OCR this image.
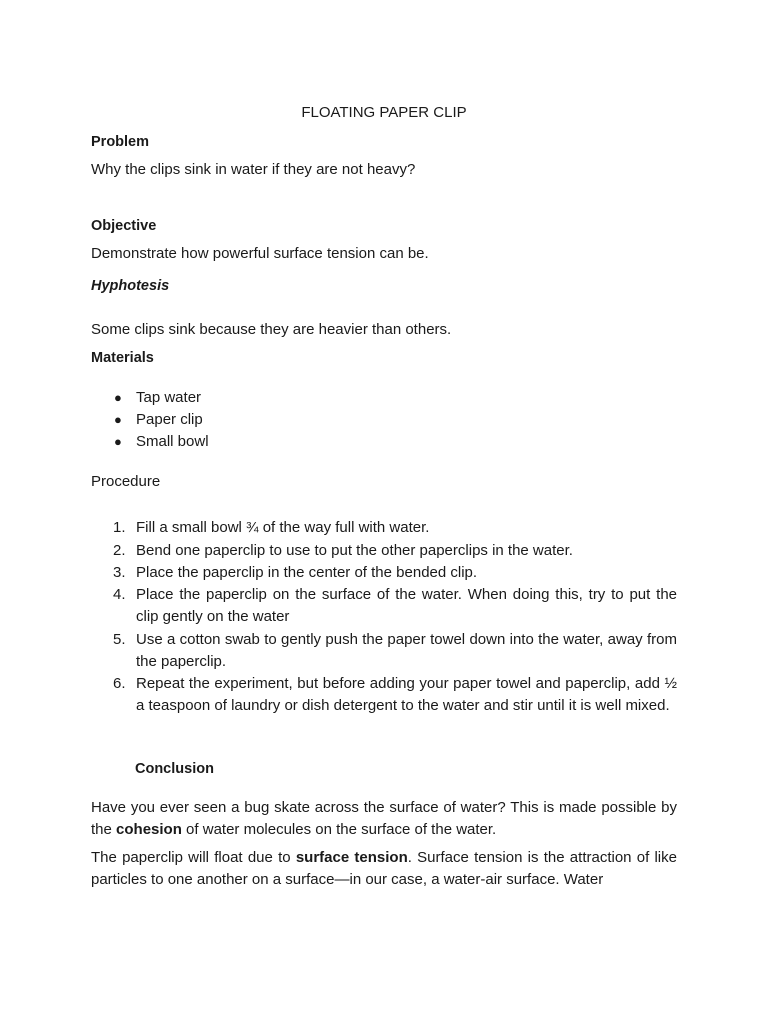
FLOATING PAPER CLIP
Problem
Why the clips sink in water if they are not heavy?
Objective
Demonstrate how powerful surface tension can be.
Hyphotesis
Some clips sink because they are heavier than others.
Materials
● Tap water
● Paper clip
● Small bowl
Procedure
1. Fill a small bowl ¾ of the way full with water.
2. Bend one paperclip to use to put the other paperclips in the water.
3. Place the paperclip in the center of the bended clip.
4. Place the paperclip on the surface of the water. When doing this, try to put the clip gently on the water
5. Use a cotton swab to gently push the paper towel down into the water, away from the paperclip.
6. Repeat the experiment, but before adding your paper towel and paperclip, add ½ a teaspoon of laundry or dish detergent to the water and stir until it is well mixed.
Conclusion
Have you ever seen a bug skate across the surface of water? This is made possible by the cohesion of water molecules on the surface of the water.
The paperclip will float due to surface tension. Surface tension is the attraction of like particles to one another on a surface—in our case, a water-air surface. Water
